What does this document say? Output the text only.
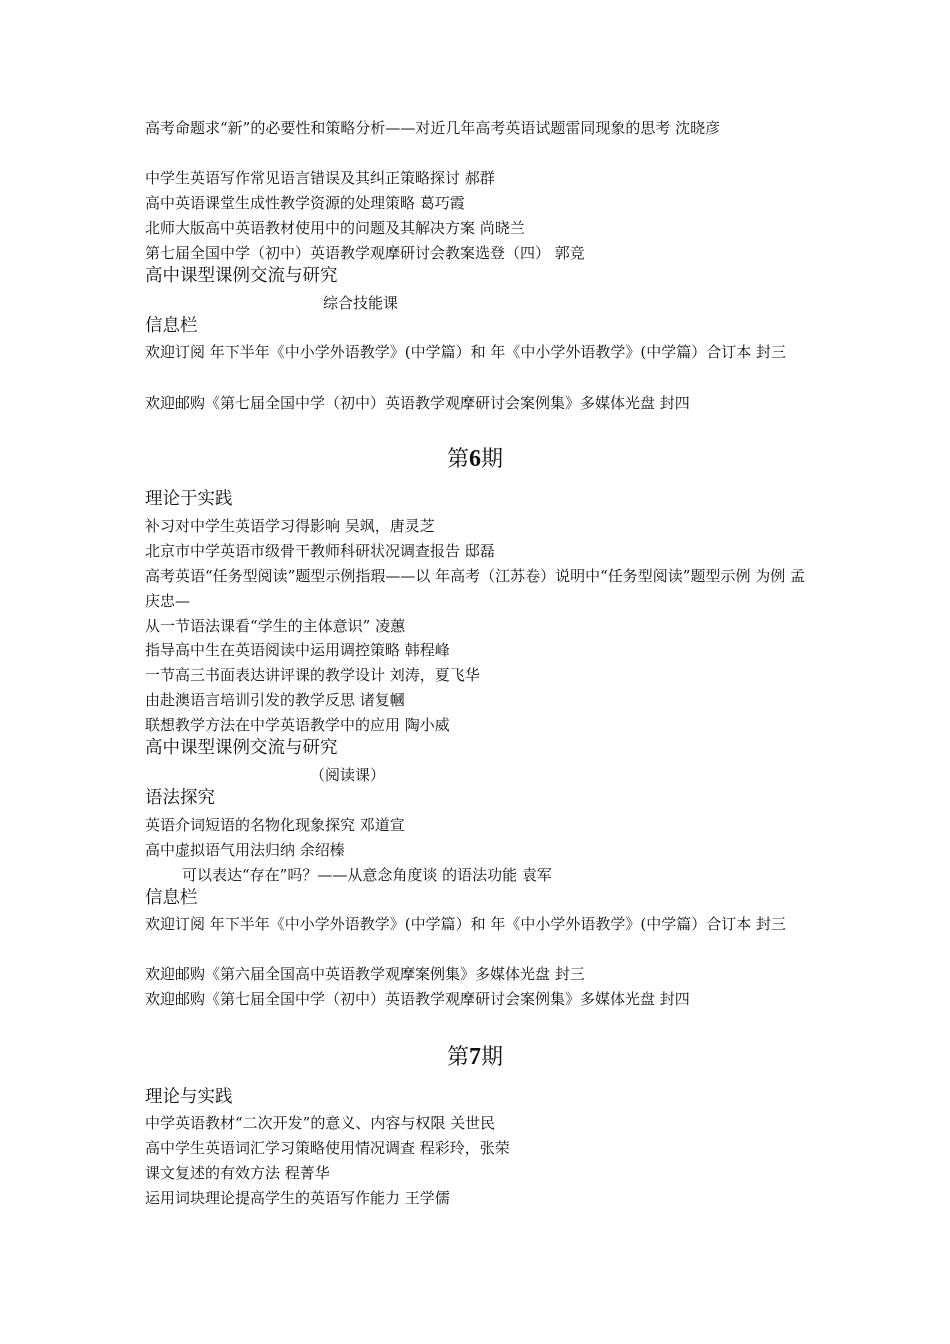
高考命题求“新”的必要性和策略分析——对近几年高考英语试题雷同现象的思考 沈晓彦
中学生英语写作常见语言错误及其纠正策略探讨 郝群
高中英语课堂生成性教学资源的处理策略 葛巧霞
北师大版高中英语教材使用中的问题及其解决方案 尚晓兰
第七届全国中学（初中）英语教学观摩研讨会教案选登（四） 郭竞
高中课型课例交流与研究
综合技能课
信息栏
欢迎订阅 年下半年《中小学外语教学》(中学篇）和 年《中小学外语教学》(中学篇）合订本 封三
欢迎邮购《第七届全国中学（初中）英语教学观摩研讨会案例集》多媒体光盘 封四
第6期
理论于实践
补习对中学生英语学习得影响 吴飒，唐灵芝
北京市中学英语市级骨干教师科研状况调查报告 邸磊
高考英语“任务型阅读”题型示例指瑕——以 年高考（江苏卷）说明中“任务型阅读”题型示例 为例 孟庆忠—
从一节语法课看“学生的主体意识” 凌蕙
指导高中生在英语阅读中运用调控策略 韩程峰
一节高三书面表达讲评课的教学设计 刘涛，夏飞华
由赴澳语言培训引发的教学反思 诸复幗
联想教学方法在中学英语教学中的应用 陶小威
高中课型课例交流与研究
（阅读课）
语法探究
英语介词短语的名物化现象探究 邓道宣
高中虚拟语气用法归纳 余绍榛
可以表达“存在”吗？——从意念角度谈 的语法功能 袁军
信息栏
欢迎订阅 年下半年《中小学外语教学》(中学篇）和 年《中小学外语教学》(中学篇）合订本 封三
欢迎邮购《第六届全国高中英语教学观摩案例集》多媒体光盘 封三
欢迎邮购《第七届全国中学（初中）英语教学观摩研讨会案例集》多媒体光盘 封四
第7期
理论与实践
中学英语教材“二次开发”的意义、内容与权限 关世民
高中学生英语词汇学习策略使用情况调查 程彩玲，张荣
课文复述的有效方法 程菁华
运用词块理论提高学生的英语写作能力 王学儒
